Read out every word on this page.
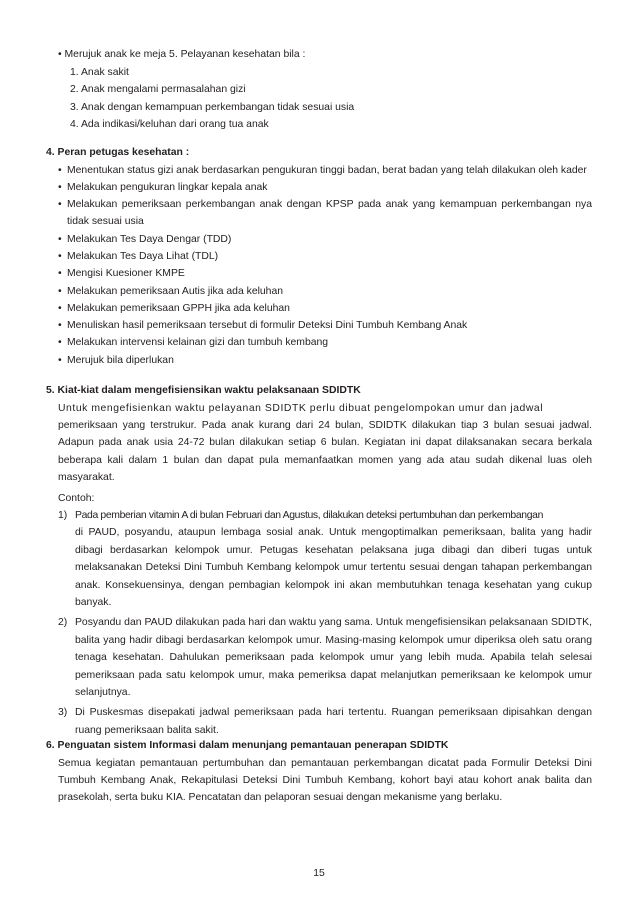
• Merujuk anak ke meja 5. Pelayanan kesehatan bila :
1. Anak sakit
2. Anak mengalami permasalahan gizi
3. Anak dengan kemampuan perkembangan tidak sesuai usia
4. Ada indikasi/keluhan dari orang tua anak
4. Peran petugas kesehatan :
• Menentukan status gizi anak berdasarkan pengukuran tinggi badan, berat badan yang telah dilakukan oleh kader
• Melakukan pengukuran lingkar kepala anak
• Melakukan pemeriksaan perkembangan anak dengan KPSP pada anak yang kemampuan perkembangan nya tidak sesuai usia
• Melakukan Tes Daya Dengar (TDD)
• Melakukan Tes Daya Lihat (TDL)
• Mengisi Kuesioner KMPE
• Melakukan pemeriksaan Autis jika ada keluhan
• Melakukan pemeriksaan GPPH jika ada keluhan
• Menuliskan hasil pemeriksaan tersebut di formulir Deteksi Dini Tumbuh Kembang Anak
• Melakukan intervensi kelainan gizi dan tumbuh kembang
• Merujuk bila diperlukan
5. Kiat-kiat dalam mengefisiensikan waktu pelaksanaan SDIDTK
Untuk mengefisienkan waktu pelayanan SDIDTK perlu dibuat pengelompokan umur dan jadwal
pemeriksaan yang terstrukur. Pada anak kurang dari 24 bulan, SDIDTK dilakukan tiap 3 bulan sesuai jadwal. Adapun pada anak usia 24-72 bulan dilakukan setiap 6 bulan. Kegiatan ini dapat dilaksanakan secara berkala beberapa kali dalam 1 bulan dan dapat pula memanfaatkan momen yang ada atau sudah dikenal luas oleh masyarakat.
Contoh:
1) Pada pemberian vitamin A di bulan Februari dan Agustus, dilakukan deteksi pertumbuhan dan perkembangan
di PAUD, posyandu, ataupun lembaga sosial anak. Untuk mengoptimalkan pemeriksaan, balita yang hadir dibagi berdasarkan kelompok umur. Petugas kesehatan pelaksana juga dibagi dan diberi tugas untuk melaksanakan Deteksi Dini Tumbuh Kembang kelompok umur tertentu sesuai dengan tahapan perkembangan anak. Konsekuensinya, dengan pembagian kelompok ini akan membutuhkan tenaga kesehatan yang cukup banyak.
2) Posyandu dan PAUD dilakukan pada hari dan waktu yang sama. Untuk mengefisiensikan pelaksanaan SDIDTK, balita yang hadir dibagi berdasarkan kelompok umur. Masing-masing kelompok umur diperiksa oleh satu orang tenaga kesehatan. Dahulukan pemeriksaan pada kelompok umur yang lebih muda. Apabila telah selesai pemeriksaan pada satu kelompok umur, maka pemeriksa dapat melanjutkan pemeriksaan ke kelompok umur selanjutnya.
3) Di Puskesmas disepakati jadwal pemeriksaan pada hari tertentu. Ruangan pemeriksaan dipisahkan dengan ruang pemeriksaan balita sakit.
6. Penguatan sistem Informasi dalam menunjang pemantauan penerapan SDIDTK
Semua kegiatan pemantauan pertumbuhan dan pemantauan perkembangan dicatat pada Formulir Deteksi Dini Tumbuh Kembang Anak, Rekapitulasi Deteksi Dini Tumbuh Kembang, kohort bayi atau kohort anak balita dan prasekolah, serta buku KIA. Pencatatan dan pelaporan sesuai dengan mekanisme yang berlaku.
15
